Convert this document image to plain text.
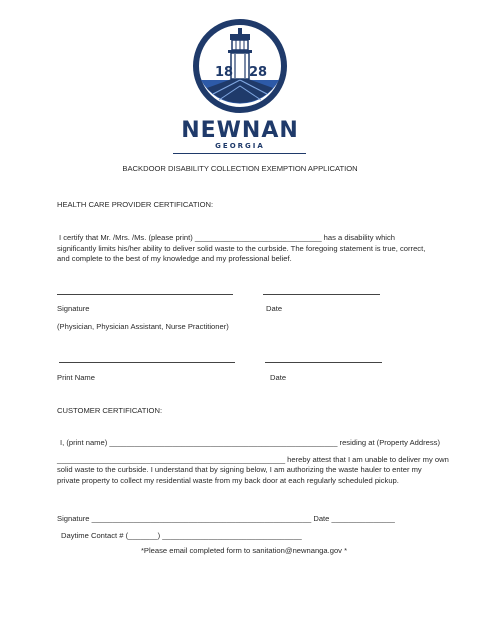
18 28
NEWNAN
GEORGIA
BACKDOOR DISABILITY COLLECTION EXEMPTION APPLICATION
HEALTH CARE PROVIDER CERTIFICATION:
I certify that Mr. /Mrs. /Ms. (please print) ______________________________ has a disability which
significantly limits his/her ability to deliver solid waste to the curbside. The foregoing statement is true, correct,
and complete to the best of my knowledge and my professional belief.
Signature	Date
(Physician, Physician Assistant, Nurse Practitioner)
Print Name	Date
CUSTOMER CERTIFICATION:
I, (print name) ______________________________________________________ residing at (Property Address)
______________________________________________________ hereby attest that I am unable to deliver my own
solid waste to the curbside. I understand that by signing below, I am authorizing the waste hauler to enter my
private property to collect my residential waste from my back door at each regularly scheduled pickup.
Signature ____________________________________________________ Date _______________
Daytime Contact # (_______) _________________________________
*Please email completed form to sanitation@newnanga.gov *
